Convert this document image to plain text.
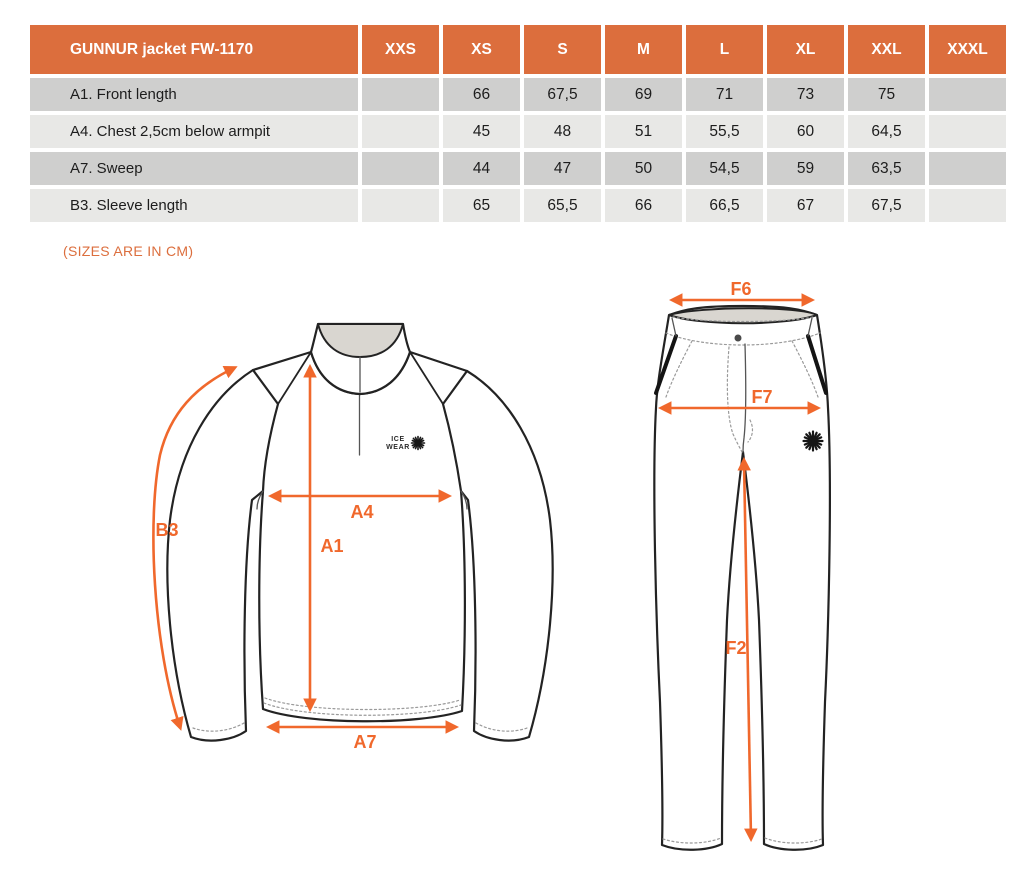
GUNNUR jacket FW-1170	XXS	XS	S	M	L	XL	XXL	XXXL
A1. Front length		66	67,5	69	71	73	75	
A4. Chest 2,5cm below armpit		45	48	51	55,5	60	64,5	
A7. Sweep		44	47	50	54,5	59	63,5	
B3. Sleeve length		65	65,5	66	66,5	67	67,5	
(SIZES ARE IN CM)
ICE
WEAR
B3
A1
A4
A7
F6
F7
F2
